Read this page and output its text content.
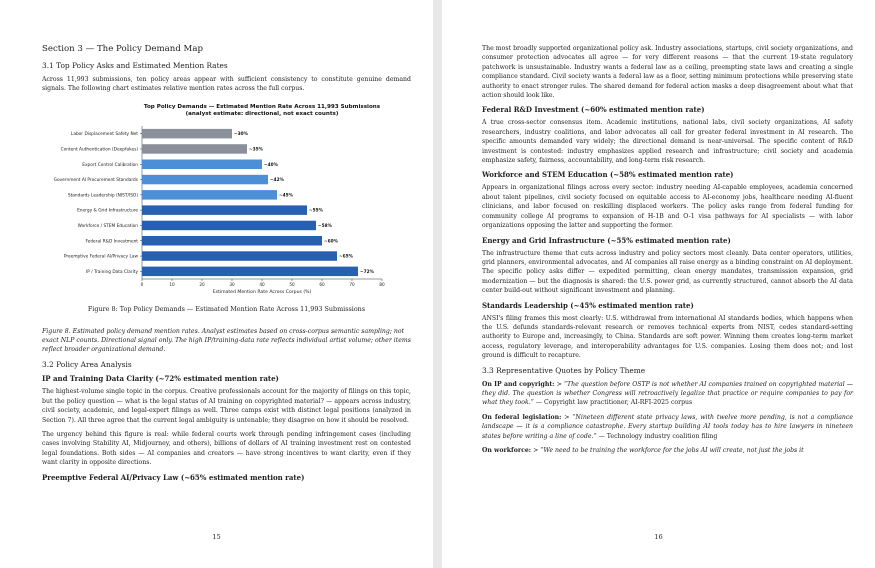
Section 3 — The Policy Demand Map
3.1 Top Policy Asks and Estimated Mention Rates

Across 11,993 submissions, ten policy areas appear with sufficient consistency to constitute genuine demand signals. The following chart estimates relative mention rates across the full corpus.

Top Policy Demands — Estimated Mention Rate Across 11,993 Submissions
(analyst estimate: directional, not exact counts)
0	10	20	30	40	50	60	70	80
Estimated Mention Rate Across Corpus (%)
Labor Displacement Safety Net	~30%
Content Authentication (Deepfakes)	~35%
Export Control Calibration	~40%
Government AI Procurement Standards	~42%
Standards Leadership (NIST/ISO)	~45%
Energy & Grid Infrastructure	~55%
Workforce / STEM Education	~58%
Federal R&D Investment	~60%
Preemptive Federal AI/Privacy Law	~65%
IP / Training Data Clarity	~72%
Figure 8: Top Policy Demands — Estimated Mention Rate Across 11,993 Submissions
Figure 8. Estimated policy demand mention rates. Analyst estimates based on cross-corpus semantic sampling; not exact NLP counts. Directional signal only. The high IP/training-data rate reflects individual artist volume; other items reflect broader organizational demand.
3.2 Policy Area Analysis
IP and Training Data Clarity (~72% estimated mention rate)

The highest-volume single topic in the corpus. Creative professionals account for the majority of filings on this topic, but the policy question — what is the legal status of AI training on copyrighted material? — appears across industry, civil society, academic, and legal-expert filings as well. Three camps exist with distinct legal positions (analyzed in Section 7). All three agree that the current legal ambiguity is untenable; they disagree on how it should be resolved.

The urgency behind this figure is real: while federal courts work through pending infringement cases (including cases involving Stability AI, Midjourney, and others), billions of dollars of AI training investment rest on contested legal foundations. Both sides — AI companies and creators — have strong incentives to want clarity, even if they want clarity in opposite directions.

Preemptive Federal AI/Privacy Law (~65% estimated mention rate)
15

The most broadly supported organizational policy ask. Industry associations, startups, civil society organizations, and consumer protection advocates all agree — for very different reasons — that the current 19-state regulatory patchwork is unsustainable. Industry wants a federal law as a ceiling, preempting state laws and creating a single compliance standard. Civil society wants a federal law as a floor, setting minimum protections while preserving state authority to enact stronger rules. The shared demand for federal action masks a deep disagreement about what that action should look like.

Federal R&D Investment (~60% estimated mention rate)

A true cross-sector consensus item. Academic institutions, national labs, civil society organizations, AI safety researchers, industry coalitions, and labor advocates all call for greater federal investment in AI research. The specific amounts demanded vary widely; the directional demand is near-universal. The specific content of R&D investment is contested: industry emphasizes applied research and infrastructure; civil society and academia emphasize safety, fairness, accountability, and long-term risk research.

Workforce and STEM Education (~58% estimated mention rate)

Appears in organizational filings across every sector: industry needing AI-capable employees, academia concerned about talent pipelines, civil society focused on equitable access to AI-economy jobs, healthcare needing AI-fluent clinicians, and labor focused on reskilling displaced workers. The policy asks range from federal funding for community college AI programs to expansion of H-1B and O-1 visa pathways for AI specialists — with labor organizations opposing the latter and supporting the former.

Energy and Grid Infrastructure (~55% estimated mention rate)

The infrastructure theme that cuts across industry and policy sectors most cleanly. Data center operators, utilities, grid planners, environmental advocates, and AI companies all raise energy as a binding constraint on AI deployment. The specific policy asks differ — expedited permitting, clean energy mandates, transmission expansion, grid modernization — but the diagnosis is shared: the U.S. power grid, as currently structured, cannot absorb the AI data center build-out without significant investment and planning.

Standards Leadership (~45% estimated mention rate)

ANSI's filing frames this most clearly: U.S. withdrawal from international AI standards bodies, which happens when the U.S. defunds standards-relevant research or removes technical experts from NIST, cedes standard-setting authority to Europe and, increasingly, to China. Standards are soft power. Winning them creates long-term market access, regulatory leverage, and interoperability advantages for U.S. companies. Losing them does not; and lost ground is difficult to recapture.

3.3 Representative Quotes by Policy Theme

On IP and copyright: > “The question before OSTP is not whether AI companies trained on copyrighted material — they did. The question is whether Congress will retroactively legalize that practice or require companies to pay for what they took.” — Copyright law practitioner, AI-RFI-2025 corpus

On federal legislation: > “Nineteen different state privacy laws, with twelve more pending, is not a compliance landscape — it is a compliance catastrophe. Every startup building AI tools today has to hire lawyers in nineteen states before writing a line of code.” — Technology industry coalition filing

On workforce: > “We need to be training the workforce for the jobs AI will create, not just the jobs it

16
